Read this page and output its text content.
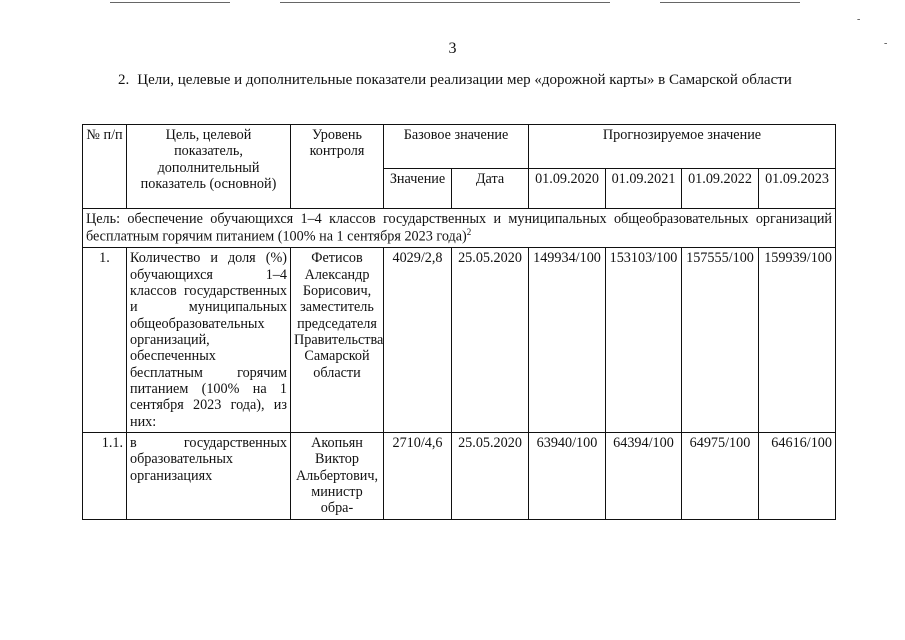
-
-
3
2. Цели, целевые и дополнительные показатели реализации мер «дорожной карты» в Самарской области
№ п/п	Цель, целевой показатель, дополнительный показатель (основной)	Уровень контроля	Базовое значение		Прогнозируемое значение			
			Значение	Дата	01.09.2020	01.09.2021	01.09.2022	01.09.2023
Цель: обеспечение обучающихся 1–4 классов государственных и муниципальных общеобразовательных организаций бесплатным горячим питанием (100% на 1 сентября 2023 года)$^2$
1.	Количество и доля (%) обучающихся 1–4 классов государственных и муниципальных общеобразовательных организаций, обеспеченных бесплатным горячим питанием (100% на 1 сентября 2023 года), из них:	Фетисов Александр Борисович, заместитель председателя Правительства Самарской области	4029/2,8	25.05.2020	149934/100	153103/100	157555/100	159939/100
1.1.	в государственных образовательных организациях	Акопьян Виктор Альбертович, министр обра-	2710/4,6	25.05.2020	63940/100	64394/100	64975/100	64616/100
